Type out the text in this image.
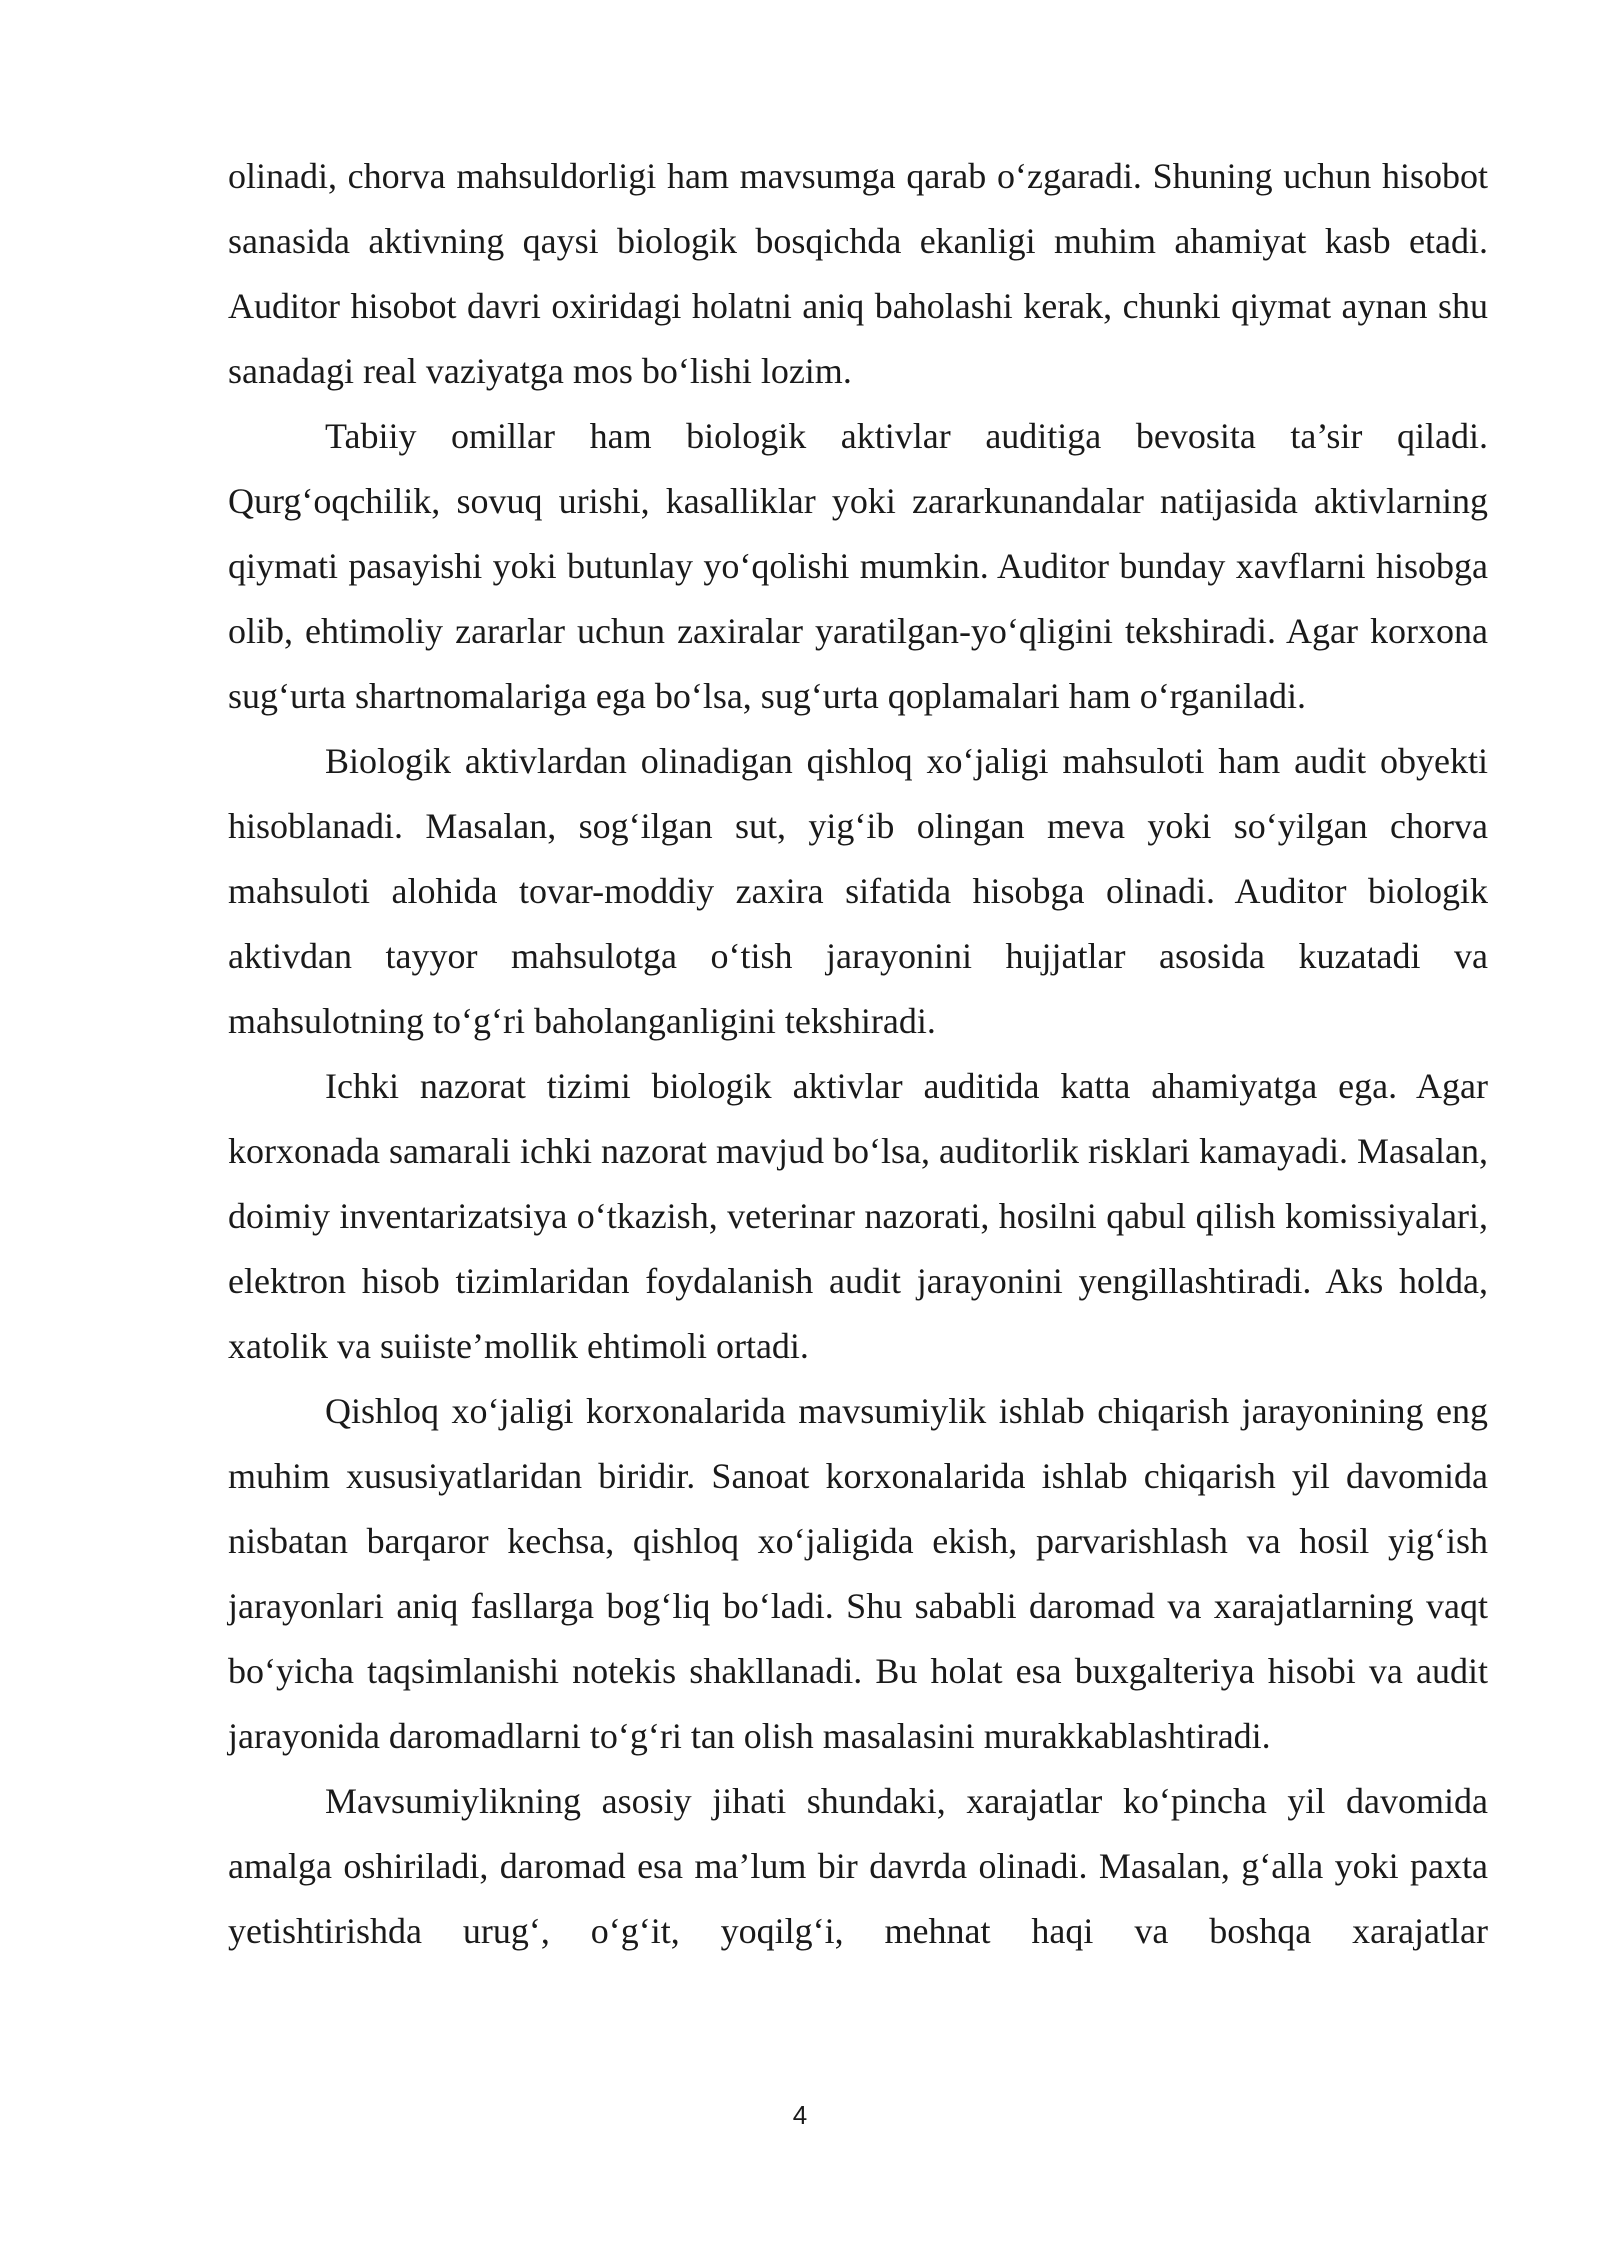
olinadi, chorva mahsuldorligi ham mavsumga qarab o‘zgaradi. Shuning uchun hisobot sanasida aktivning qaysi biologik bosqichda ekanligi muhim ahamiyat kasb etadi. Auditor hisobot davri oxiridagi holatni aniq baholashi kerak, chunki qiymat aynan shu sanadagi real vaziyatga mos bo‘lishi lozim.

Tabiiy omillar ham biologik aktivlar auditiga bevosita ta’sir qiladi. Qurg‘oqchilik, sovuq urishi, kasalliklar yoki zararkunandalar natijasida aktivlarning qiymati pasayishi yoki butunlay yo‘qolishi mumkin. Auditor bunday xavflarni hisobga olib, ehtimoliy zararlar uchun zaxiralar yaratilgan-yo‘qligini tekshiradi. Agar korxona sug‘urta shartnomalariga ega bo‘lsa, sug‘urta qoplamalari ham o‘rganiladi.

Biologik aktivlardan olinadigan qishloq xo‘jaligi mahsuloti ham audit obyekti hisoblanadi. Masalan, sog‘ilgan sut, yig‘ib olingan meva yoki so‘yilgan chorva mahsuloti alohida tovar-moddiy zaxira sifatida hisobga olinadi. Auditor biologik aktivdan tayyor mahsulotga o‘tish jarayonini hujjatlar asosida kuzatadi va mahsulotning to‘g‘ri baholanganligini tekshiradi.

Ichki nazorat tizimi biologik aktivlar auditida katta ahamiyatga ega. Agar korxonada samarali ichki nazorat mavjud bo‘lsa, auditorlik risklari kamayadi. Masalan, doimiy inventarizatsiya o‘tkazish, veterinar nazorati, hosilni qabul qilish komissiyalari, elektron hisob tizimlaridan foydalanish audit jarayonini yengillashtiradi. Aks holda, xatolik va suiiste’mollik ehtimoli ortadi.

Qishloq xo‘jaligi korxonalarida mavsumiylik ishlab chiqarish jarayonining eng muhim xususiyatlaridan biridir. Sanoat korxonalarida ishlab chiqarish yil davomida nisbatan barqaror kechsa, qishloq xo‘jaligida ekish, parvarishlash va hosil yig‘ish jarayonlari aniq fasllarga bog‘liq bo‘ladi. Shu sababli daromad va xarajatlarning vaqt bo‘yicha taqsimlanishi notekis shakllanadi. Bu holat esa buxgalteriya hisobi va audit jarayonida daromadlarni to‘g‘ri tan olish masalasini murakkablashtiradi.

Mavsumiylikning asosiy jihati shundaki, xarajatlar ko‘pincha yil davomida amalga oshiriladi, daromad esa ma’lum bir davrda olinadi. Masalan, g‘alla yoki paxta yetishtirishda urug‘, o‘g‘it, yoqilg‘i, mehnat haqi va boshqa xarajatlar

4
